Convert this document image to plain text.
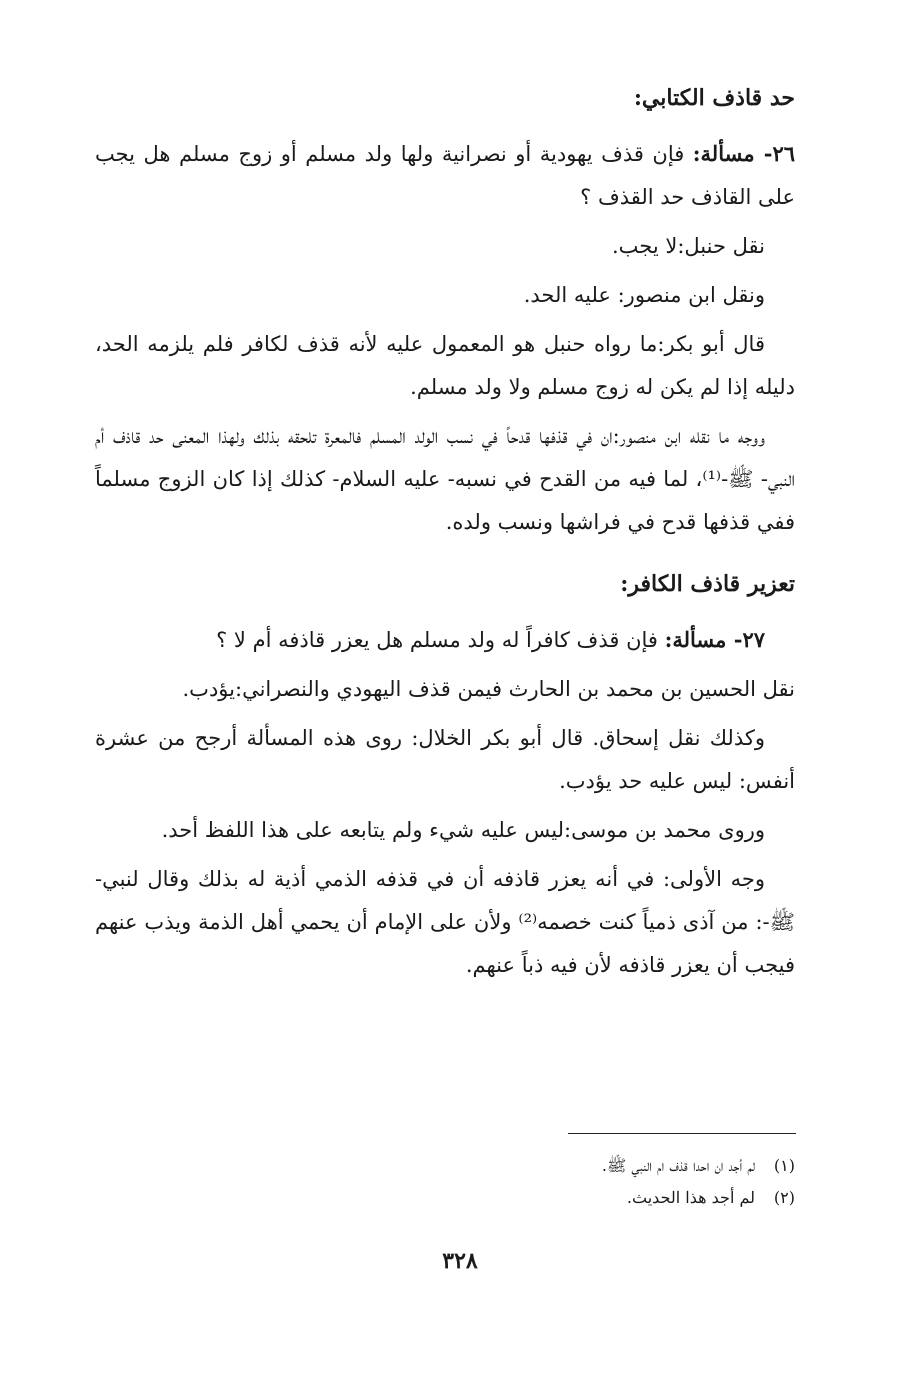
حد قاذف الكتابي:
٢٦- مسألة: فإن قذف يهودية أو نصرانية ولها ولد مسلم أو زوج مسلم هل يجب على القاذف حد القذف ؟
نقل حنبل:لا يجب.
ونقل ابن منصور: عليه الحد.
قال أبو بكر:ما رواه حنبل هو المعمول عليه لأنه قذف لكافر فلم يلزمه الحد، دليله إذا لم يكن له زوج مسلم ولا ولد مسلم.
ووجه ما نقله ابن منصور:ان في قذفها قدحاً في نسب الولد المسلم فالمعرة تلحقه بذلك ولهذا المعنى حد قاذف أم النبي- ﷺ-⁽¹⁾، لما فيه من القدح في نسبه- عليه السلام- كذلك إذا كان الزوج مسلماً ففي قذفها قدح في فراشها ونسب ولده.
تعزير قاذف الكافر:
٢٧- مسألة: فإن قذف كافراً له ولد مسلم هل يعزر قاذفه أم لا ؟
نقل الحسين بن محمد بن الحارث فيمن قذف اليهودي والنصراني:يؤدب.
وكذلك نقل إسحاق. قال أبو بكر الخلال: روى هذه المسألة أرجح من عشرة أنفس: ليس عليه حد يؤدب.
وروى محمد بن موسى:ليس عليه شيء ولم يتابعه على هذا اللفظ أحد.
وجه الأولى: في أنه يعزر قاذفه أن في قذفه الذمي أذية له بذلك وقال لنبي- ﷺ-: من آذى ذمياً كنت خصمه⁽²⁾ ولأن على الإمام أن يحمي أهل الذمة ويذب عنهم فيجب أن يعزر قاذفه لأن فيه ذباً عنهم.
(١)لم أجد ان احدا قذف ام النبي ﷺ.
(٢)لم أجد هذا الحديث.
٣٢٨
